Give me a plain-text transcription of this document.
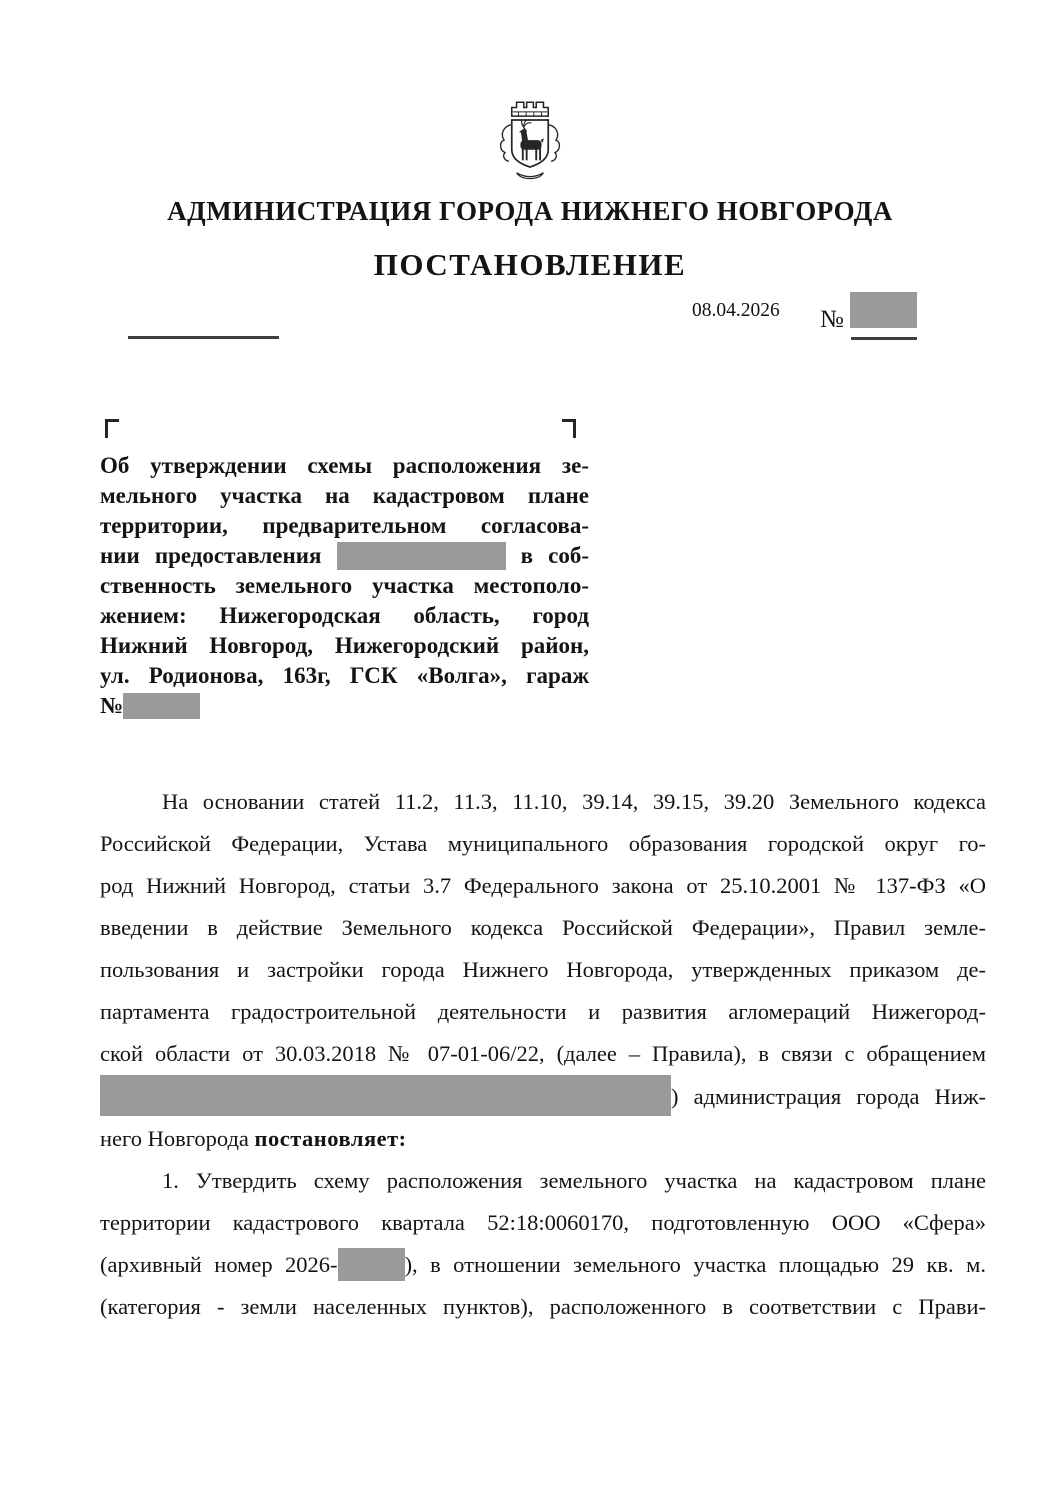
АДМИНИСТРАЦИЯ ГОРОДА НИЖНЕГО НОВГОРОДА
ПОСТАНОВЛЕНИЕ
08.04.2026 №
Об утверждении схемы расположения зе-
мельного участка на кадастровом плане
территории, предварительном согласова-
нии предоставления	в соб-
ственность земельного участка местополо-
жением: Нижегородская область, город
Нижний Новгород, Нижегородский район,
ул. Родионова, 163г, ГСК «Волга», гараж
№
На основании статей 11.2, 11.3, 11.10, 39.14, 39.15, 39.20 Земельного кодекса
Российской Федерации, Устава муниципального образования городской округ го-
род Нижний Новгород, статьи 3.7 Федерального закона от 25.10.2001 № 137-ФЗ «О
введении в действие Земельного кодекса Российской Федерации», Правил земле-
пользования и застройки города Нижнего Новгорода, утвержденных приказом де-
партамента градостроительной деятельности и развития агломераций Нижегород-
ской области от 30.03.2018 № 07-01-06/22, (далее – Правила), в связи с обращением
) администрация города Ниж-
него Новгорода постановляет:
1. Утвердить схему расположения земельного участка на кадастровом плане
территории кадастрового квартала 52:18:0060170, подготовленную ООО «Сфера»
(архивный номер 2026-	), в отношении земельного участка площадью 29 кв. м.
(категория - земли населенных пунктов), расположенного в соответствии с Прави-
